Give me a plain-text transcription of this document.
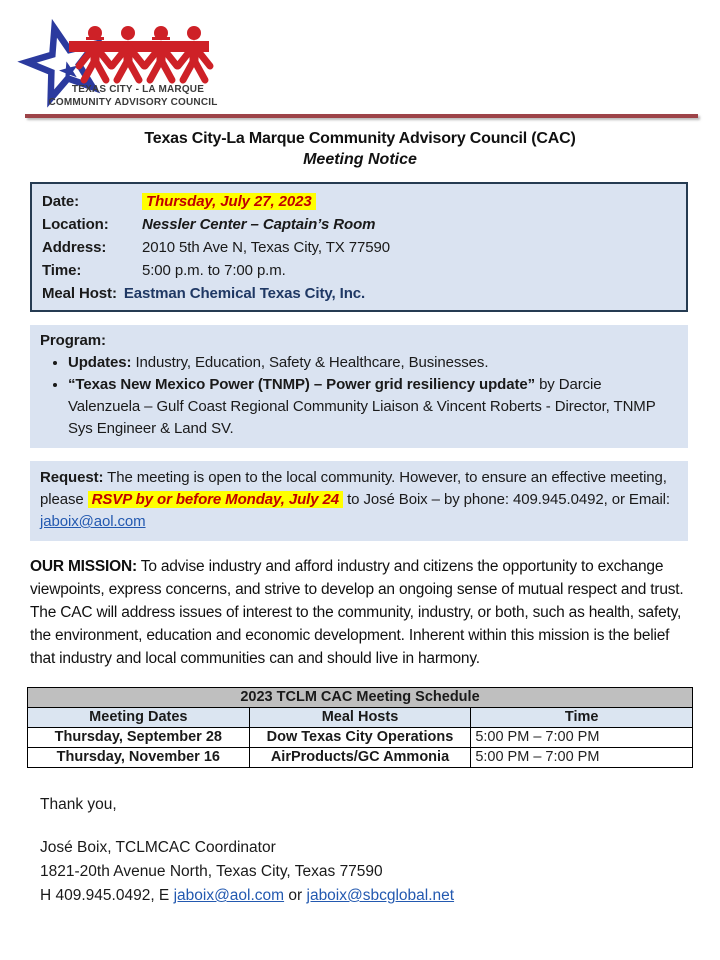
TEXAS CITY - LA MARQUE
COMMUNITY ADVISORY COUNCIL
Texas City-La Marque Community Advisory Council (CAC)
Meeting Notice
Date:	Thursday, July 27, 2023
Location:	Nessler Center – Captain’s Room
Address:	2010 5th Ave N, Texas City, TX 77590
Time:	5:00 p.m. to 7:00 p.m.
Meal Host: Eastman Chemical Texas City, Inc.
Program:
• Updates: Industry, Education, Safety & Healthcare, Businesses.
• “Texas New Mexico Power (TNMP) – Power grid resiliency update” by Darcie Valenzuela – Gulf Coast Regional Community Liaison & Vincent Roberts - Director, TNMP Sys Engineer & Land SV.

Request: The meeting is open to the local community. However, to ensure an effective meeting, please RSVP by or before Monday, July 24 to José Boix – by phone: 409.945.0492, or Email: jaboix@aol.com

OUR MISSION: To advise industry and afford industry and citizens the opportunity to exchange viewpoints, express concerns, and strive to develop an ongoing sense of mutual respect and trust. The CAC will address issues of interest to the community, industry, or both, such as health, safety, the environment, education and economic development. Inherent within this mission is the belief that industry and local communities can and should live in harmony.

2023 TCLM CAC Meeting Schedule		
Meeting Dates	Meal Hosts	Time
Thursday, September 28	Dow Texas City Operations	5:00 PM – 7:00 PM
Thursday, November 16	AirProducts/GC Ammonia	5:00 PM – 7:00 PM

Thank you,

José Boix, TCLMCAC Coordinator
1821-20th Avenue North, Texas City, Texas 77590
H 409.945.0492, E jaboix@aol.com or jaboix@sbcglobal.net
